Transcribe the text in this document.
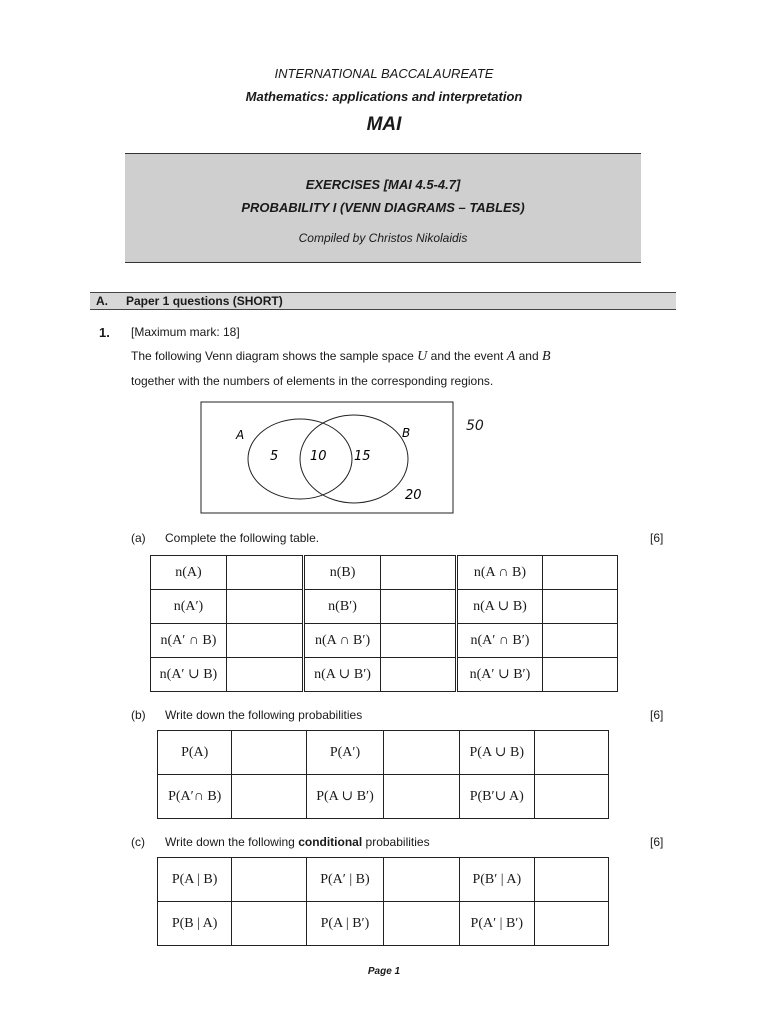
INTERNATIONAL BACCALAUREATE
Mathematics: applications and interpretation
MAI
EXERCISES [MAI 4.5-4.7]
PROBABILITY I (VENN DIAGRAMS – TABLES)
Compiled by Christos Nikolaidis
A. Paper 1 questions (SHORT)
1. [Maximum mark: 18]
The following Venn diagram shows the sample space U and the event A and B
together with the numbers of elements in the corresponding regions.
A	B
5 10 15
20
50
(a) Complete the following table.	[6]
n(A)		n(B)		n(A ∩ B)	
n(A′)		n(B′)		n(A ∪ B)	
n(A′ ∩ B)		n(A ∩ B′)		n(A′ ∩ B′)	
n(A′ ∪ B)		n(A ∪ B′)		n(A′ ∪ B′)	
(b) Write down the following probabilities	[6]
P(A)		P(A′)		P(A ∪ B)	
P(A′∩ B)		P(A ∪ B′)		P(B′∪ A)	
(c) Write down the following conditional probabilities	[6]
P(A | B)		P(A′ | B)		P(B′ | A)	
P(B | A)		P(A | B′)		P(A′ | B′)	
Page 1
